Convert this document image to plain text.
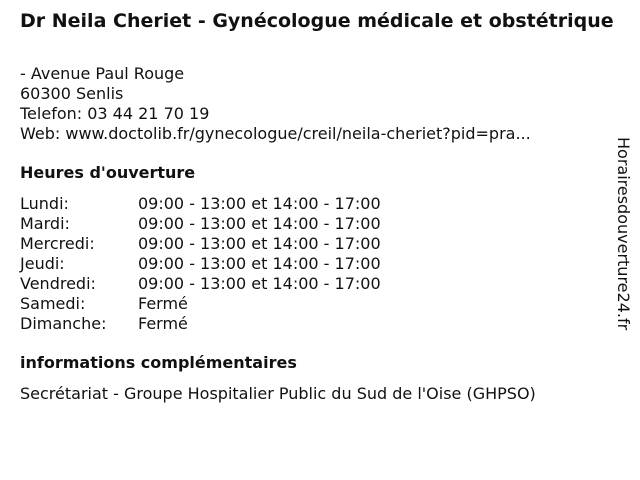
Dr Neila Cheriet - Gynécologue médicale et obstétrique
- Avenue Paul Rouge
60300 Senlis
Telefon: 03 44 21 70 19
Web: www.doctolib.fr/gynecologue/creil/neila-cheriet?pid=pra...
Heures d'ouverture
Lundi:	09:00 - 13:00 et 14:00 - 17:00
Mardi:	09:00 - 13:00 et 14:00 - 17:00
Mercredi:	09:00 - 13:00 et 14:00 - 17:00
Jeudi:	09:00 - 13:00 et 14:00 - 17:00
Vendredi:	09:00 - 13:00 et 14:00 - 17:00
Samedi:	Fermé
Dimanche:	Fermé
informations complémentaires
Secrétariat - Groupe Hospitalier Public du Sud de l'Oise (GHPSO)
Horairesdouverture24.fr
